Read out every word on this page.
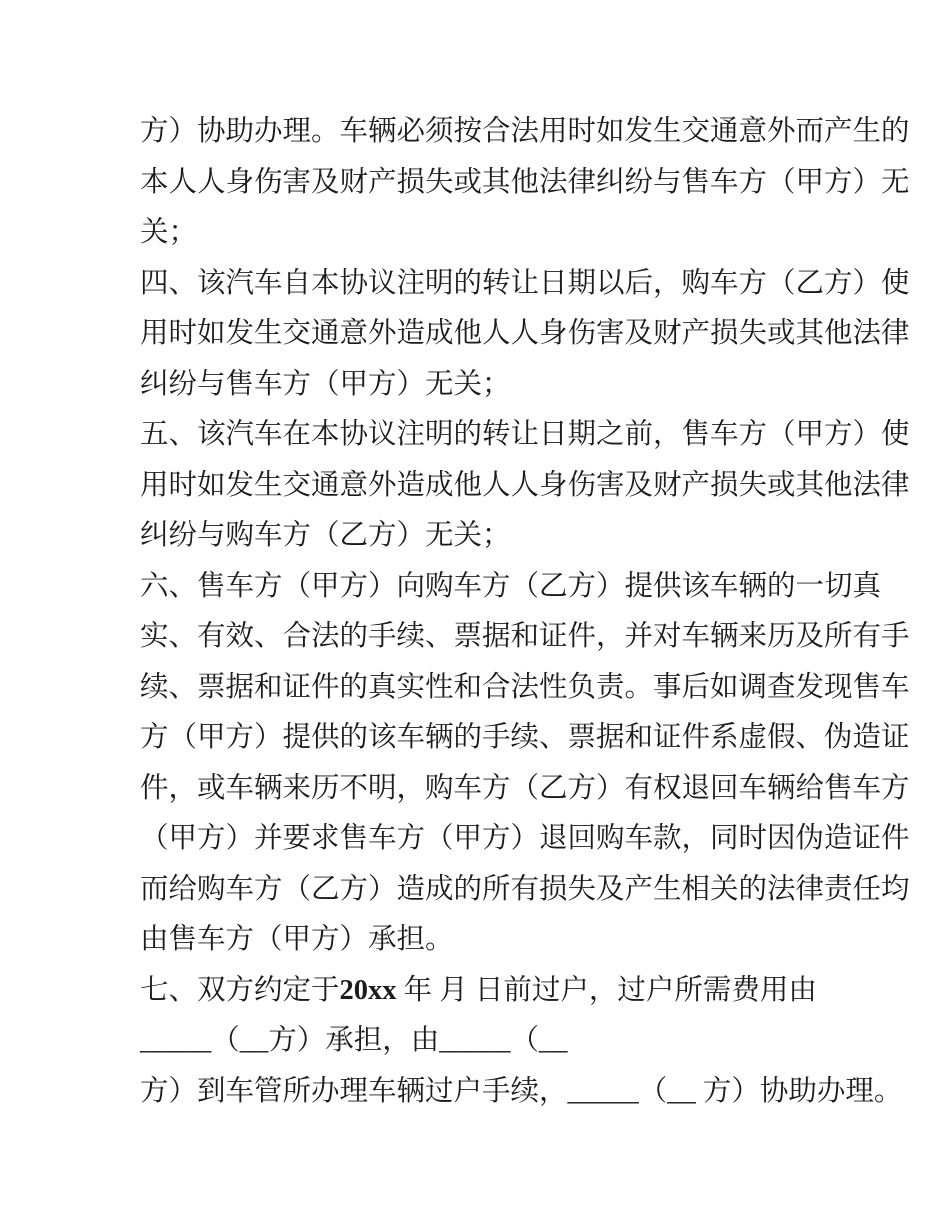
方）协助办理。车辆必须按合法用时如发生交通意外而产生的
本人人身伤害及财产损失或其他法律纠纷与售车方（甲方）无
关；
四、该汽车自本协议注明的转让日期以后，购车方（乙方）使
用时如发生交通意外造成他人人身伤害及财产损失或其他法律
纠纷与售车方（甲方）无关；
五、该汽车在本协议注明的转让日期之前，售车方（甲方）使
用时如发生交通意外造成他人人身伤害及财产损失或其他法律
纠纷与购车方（乙方）无关；
六、售车方（甲方）向购车方（乙方）提供该车辆的一切真
实、有效、合法的手续、票据和证件，并对车辆来历及所有手
续、票据和证件的真实性和合法性负责。事后如调查发现售车
方（甲方）提供的该车辆的手续、票据和证件系虚假、伪造证
件，或车辆来历不明，购车方（乙方）有权退回车辆给售车方
（甲方）并要求售车方（甲方）退回购车款，同时因伪造证件
而给购车方（乙方）造成的所有损失及产生相关的法律责任均
由售车方（甲方）承担。
七、双方约定于20xx 年 月 日前过户，过户所需费用由
_____（__方）承担，由_____（__
方）到车管所办理车辆过户手续，_____（__ 方）协助办理。
